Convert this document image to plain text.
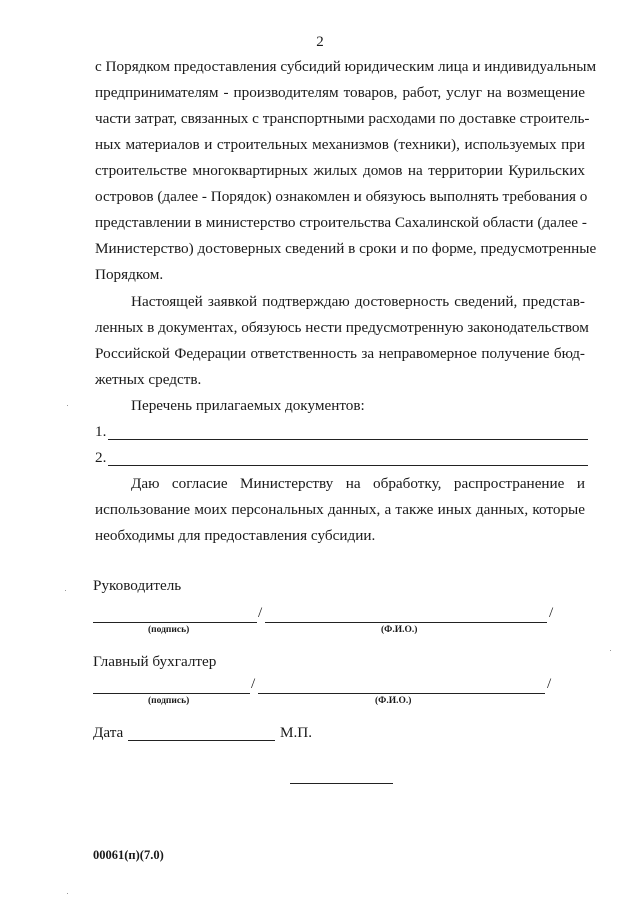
2
с Порядком предоставления субсидий юридическим лица и индивидуальным
предпринимателям - производителям товаров, работ, услуг на возмещение
части затрат, связанных с транспортными расходами по доставке строитель-
ных материалов и строительных механизмов (техники), используемых при
строительстве многоквартирных жилых домов на территории Курильских
островов (далее - Порядок) ознакомлен и обязуюсь выполнять требования о
представлении в министерство строительства Сахалинской области (далее -
Министерство) достоверных сведений в сроки и по форме, предусмотренные
Порядком.
Настоящей заявкой подтверждаю достоверность сведений, представ-
ленных в документах, обязуюсь нести предусмотренную законодательством
Российской Федерации ответственность за неправомерное получение бюд-
жетных средств.
Перечень прилагаемых документов:
1.
2.
Даю согласие Министерству на обработку, распространение и
использование моих персональных данных, а также иных данных, которые
необходимы для предоставления субсидии.
Руководитель
/	/
(подпись)	(Ф.И.О.)
Главный бухгалтер
/	/
(подпись)	(Ф.И.О.)
Дата	М.П.
00061(п)(7.0)
